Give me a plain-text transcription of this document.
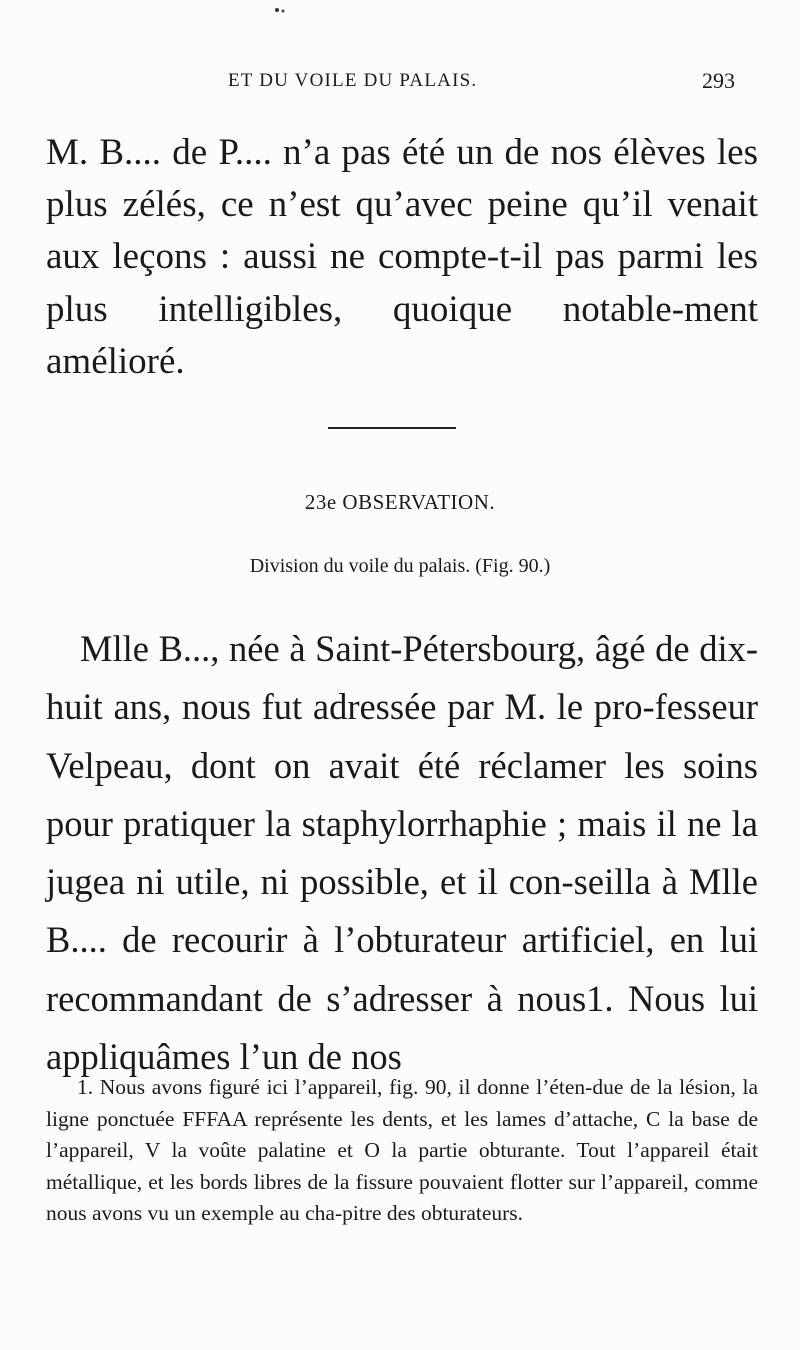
ET DU VOILE DU PALAIS.	293

M. B.... de P.... n’a pas été un de nos élèves les plus zélés, ce n’est qu’avec peine qu’il venait aux leçons : aussi ne compte-t-il pas parmi les plus intelligibles, quoique notable-ment amélioré.

23e OBSERVATION.
Division du voile du palais. (Fig. 90.)

Mlle B..., née à Saint-Pétersbourg, âgé de dix-huit ans, nous fut adressée par M. le pro-fesseur Velpeau, dont on avait été réclamer les soins pour pratiquer la staphylorrhaphie ; mais il ne la jugea ni utile, ni possible, et il con-seilla à Mlle B.... de recourir à l’obturateur artificiel, en lui recommandant de s’adresser à nous1. Nous lui appliquâmes l’un de nos

1. Nous avons figuré ici l’appareil, fig. 90, il donne l’éten-due de la lésion, la ligne ponctuée FFFAA représente les dents, et les lames d’attache, C la base de l’appareil, V la voûte palatine et O la partie obturante. Tout l’appareil était métallique, et les bords libres de la fissure pouvaient flotter sur l’appareil, comme nous avons vu un exemple au cha-pitre des obturateurs.
